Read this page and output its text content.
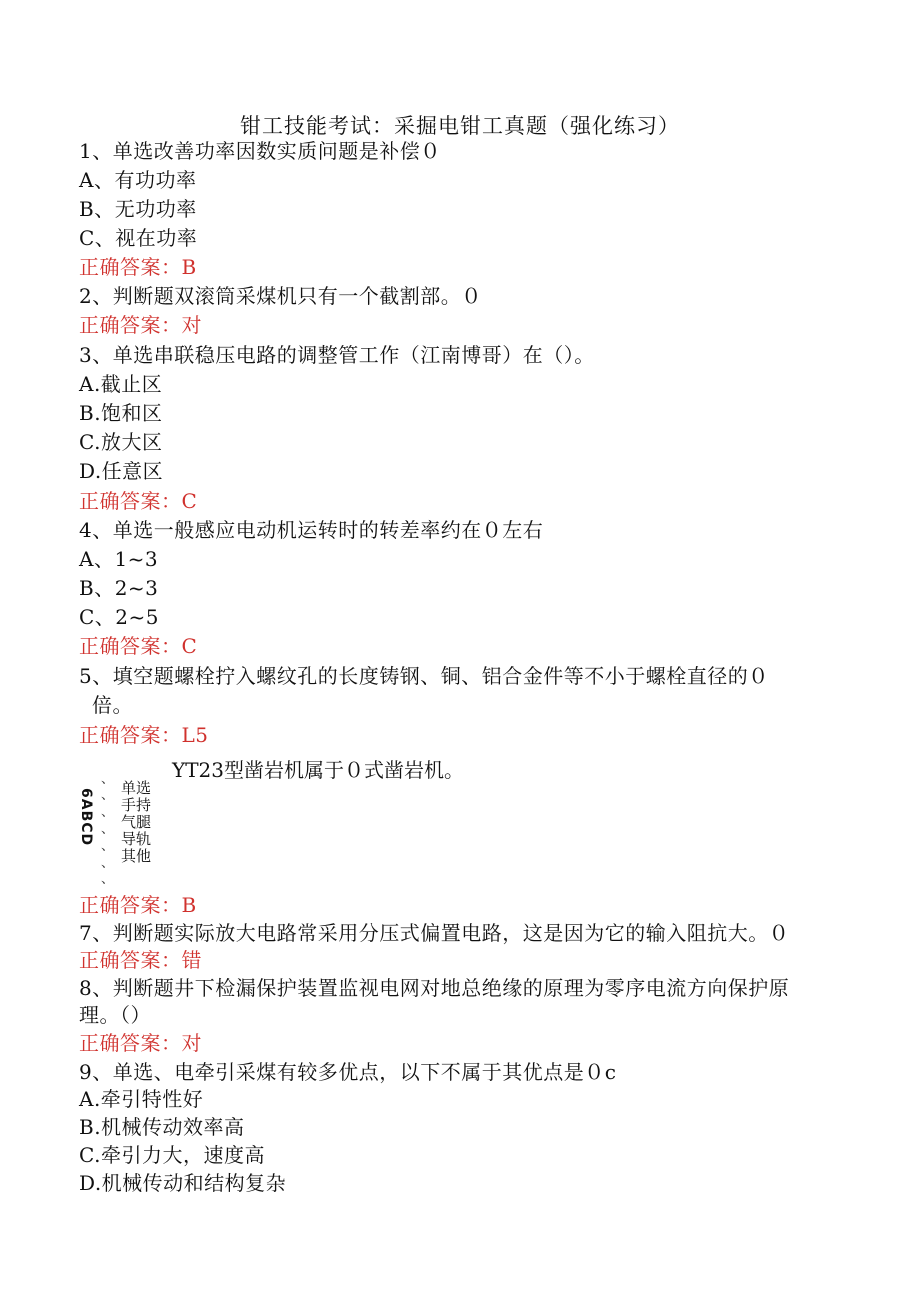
钳工技能考试：采掘电钳工真题（强化练习）
1、单选改善功率因数实质问题是补偿０
A、有功功率
B、无功功率
C、视在功率
正确答案：B
2、判断题双滚筒采煤机只有一个截割部。０
正确答案：对
3、单选串联稳压电路的调整管工作（江南博哥）在（）。
A.截止区
B.饱和区
C.放大区
D.任意区
正确答案：C
4、单选一般感应电动机运转时的转差率约在０左右
A、1~3
B、2~3
C、2~5
正确答案：C
5、填空题螺栓拧入螺纹孔的长度铸钢、铜、铝合金件等不小于螺栓直径的０
倍。
正确答案：L5
YT23型凿岩机属于０式凿岩机。
6ABCD
、
、
、
、
、
、
、
单选
手持
气腿
导轨
其他
正确答案：B
7、判断题实际放大电路常采用分压式偏置电路，这是因为它的输入阻抗大。０
正确答案：错
8、判断题井下检漏保护装置监视电网对地总绝缘的原理为零序电流方向保护原
理。（）
正确答案：对
9、单选、电牵引采煤有较多优点，以下不属于其优点是０c
A.牵引特性好
B.机械传动效率高
C.牵引力大，速度高
D.机械传动和结构复杂
